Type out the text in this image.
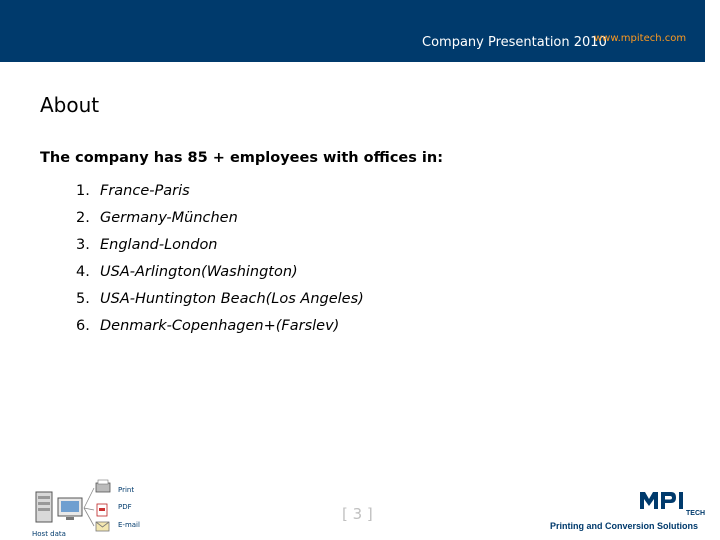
Company Presentation 2010
www.mpitech.com
About
The company has 85 + employees with offices in:
1. France-Paris
2. Germany-München
3. England-London
4. USA-Arlington(Washington)
5. USA-Huntington Beach(Los Angeles)
6. Denmark-Copenhagen+(Farslev)
Host data
Print
PDF
E-mail
[ 3 ]	TECH
Printing and Conversion Solutions
